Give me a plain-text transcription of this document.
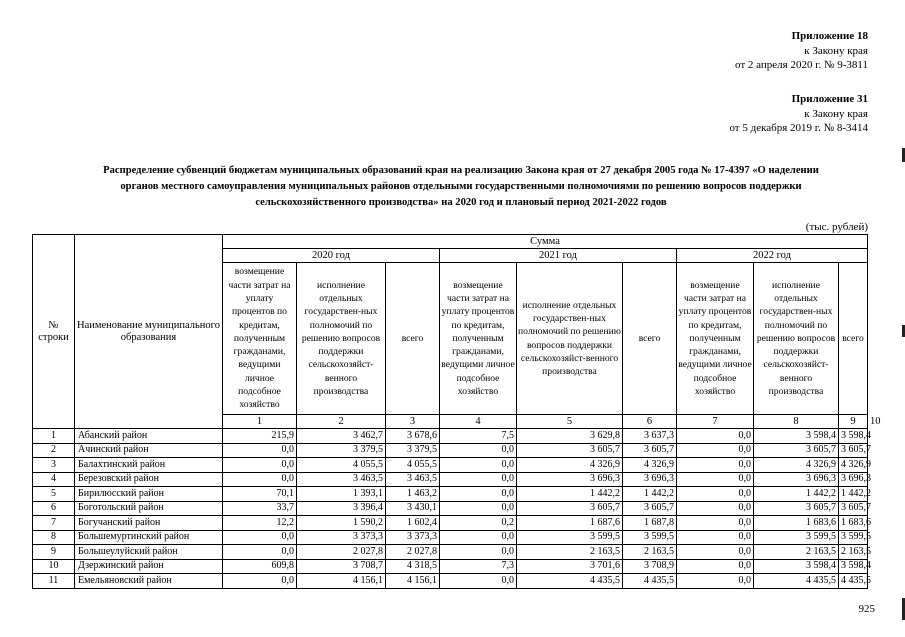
Приложение 18
к Закону края
от 2 апреля 2020 г. № 9-3811
Приложение 31
к Закону края
от 5 декабря 2019 г. № 8-3414
Распределение субвенций бюджетам муниципальных образований края на реализацию Закона края от 27 декабря 2005 года № 17-4397 «О наделении
органов местного самоуправления муниципальных районов отдельными государственными полномочиями по решению вопросов поддержки
сельскохозяйственного производства» на 2020 год и плановый период 2021-2022 годов
(тыс. рублей)
№ строки	Наименование муниципального образования	Сумма									
		2020 год			2021 год			2022 год			
		возмещение части затрат на уплату процентов по кредитам, полученным гражданами, ведущими личное подсобное хозяйство	исполнение отдельных государствен-ных полномочий по решению вопросов поддержки сельскохозяйст-венного производства	всего	возмещение части затрат на уплату процентов по кредитам, полученным гражданами, ведущими личное подсобное хозяйство	исполнение отдельных государствен-ных полномочий по решению вопросов поддержки сельскохозяйст-венного производства	всего	возмещение части затрат на уплату процентов по кредитам, полученным гражданами, ведущими личное подсобное хозяйство	исполнение отдельных государствен-ных полномочий по решению вопросов поддержки сельскохозяйст-венного производства	всего	
		1	2	3	4	5	6	7	8	9	10
1	Абанский район	215,9	3 462,7	3 678,6	7,5	3 629,8	3 637,3	0,0	3 598,4	3 598,4	
2	Ачинский район	0,0	3 379,5	3 379,5	0,0	3 605,7	3 605,7	0,0	3 605,7	3 605,7	
3	Балахтинский район	0,0	4 055,5	4 055,5	0,0	4 326,9	4 326,9	0,0	4 326,9	4 326,9	
4	Березовский район	0,0	3 463,5	3 463,5	0,0	3 696,3	3 696,3	0,0	3 696,3	3 696,3	
5	Бирилюсский район	70,1	1 393,1	1 463,2	0,0	1 442,2	1 442,2	0,0	1 442,2	1 442,2	
6	Боготольский район	33,7	3 396,4	3 430,1	0,0	3 605,7	3 605,7	0,0	3 605,7	3 605,7	
7	Богучанский район	12,2	1 590,2	1 602,4	0,2	1 687,6	1 687,8	0,0	1 683,6	1 683,6	
8	Большемуртинский район	0,0	3 373,3	3 373,3	0,0	3 599,5	3 599,5	0,0	3 599,5	3 599,5	
9	Большеулуйский район	0,0	2 027,8	2 027,8	0,0	2 163,5	2 163,5	0,0	2 163,5	2 163,5	
10	Дзержинский район	609,8	3 708,7	4 318,5	7,3	3 701,6	3 708,9	0,0	3 598,4	3 598,4	
11	Емельяновский район	0,0	4 156,1	4 156,1	0,0	4 435,5	4 435,5	0,0	4 435,5	4 435,5	
925
